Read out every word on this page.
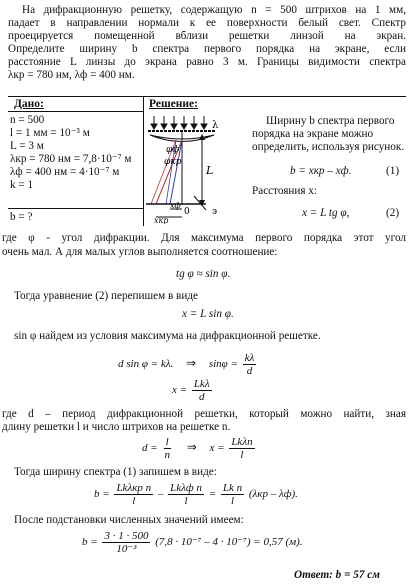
На дифракционную решетку, содержащую n = 500 штрихов на 1 мм,
падает в направлении нормали к ее поверхности белый свет. Спектр
проецируется помещенной вблизи решетки линзой на экран.
Определите ширину b спектра первого порядка на экране, если
расстояние L линзы до экрана равно 3 м. Границы видимости спектра
λкр = 780 нм, λф = 400 нм.
Дано:	Решение:
n = 500
l = 1 мм = 10⁻³ м
L = 3 м
λкр = 780 нм = 7,8·10⁻⁷ м
λф = 400 нм = 4·10⁻⁷ м
k = 1
b = ?
λ
φф
φкр
L
0 э
xф
xкр
Ширину b спектра первого
порядка на экране можно
определить, используя рисунок.
b = xкр – xф.	(1)
Расстояния x:
x = L tg φ,	(2)
где φ - угол дифракции. Для максимума первого порядка этот угол
очень мал. А для малых углов выполняется соотношение:
tg φ ≈ sin φ.
Тогда уравнение (2) перепишем в виде
x = L sin φ.
sin φ найдем из условия максимума на дифракционной решетке.
d sin φ = kλ. ⇒ $\sin\varphi = \frac{k\lambda}{d}$
$x = \frac{\text{Lkλ}}{d}$
где d – период дифракционной решетки, который можно найти, зная
длину решетки l и число штрихов на решетке n.
$d = \frac{l}{n}$ ⇒ $x = \frac{\text{Lkλn}}{l}$
Тогда ширину спектра (1) запишем в виде:
$b = \frac{\text{Lkλкр n}}{l} - \frac{\text{Lkλф n}}{l} = \frac{\text{Lk n}}{l} (\lambda кр - \lambda ф)$.
После подстановки численных значений имеем:
$b = \frac{3 \cdot 1 \cdot 500}{\text{10⁻³}} (7,8 \cdot 10^{-7} - 4 \cdot 10^{-7}) = 0,57$ (м).
Ответ: b = 57 см
